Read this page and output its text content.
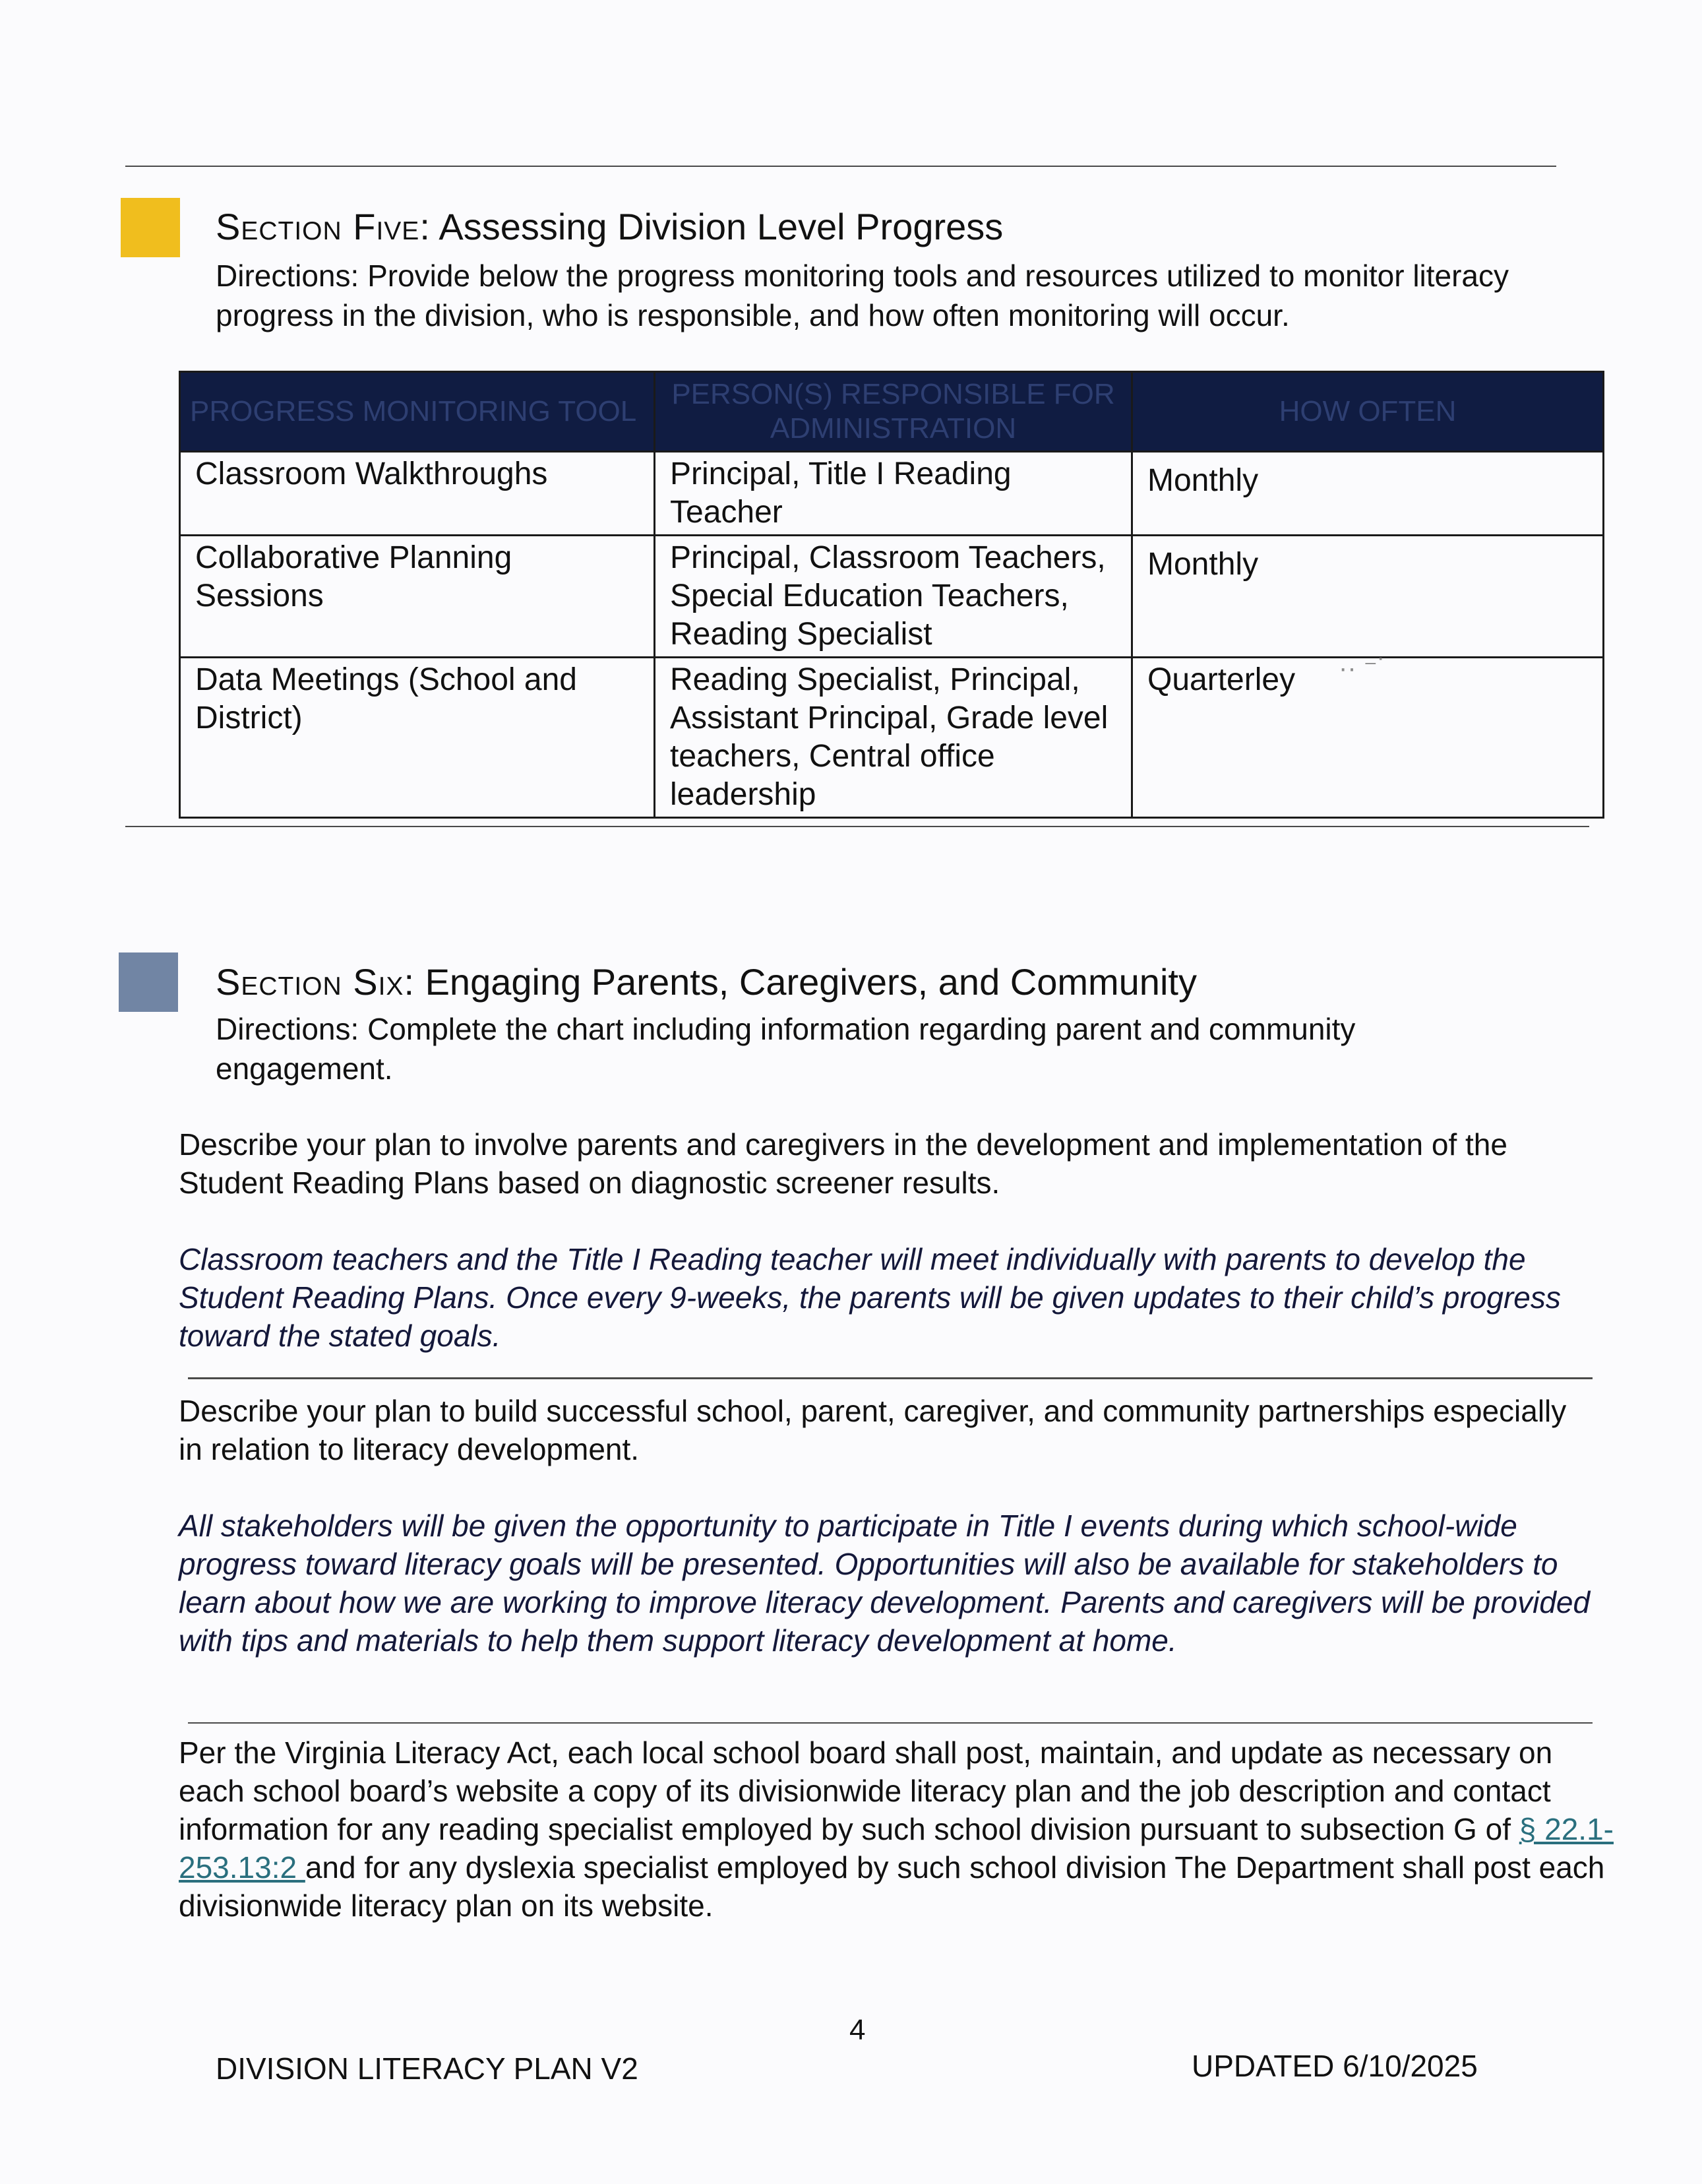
Section Five: Assessing Division Level Progress
Directions: Provide below the progress monitoring tools and resources utilized to monitor literacy progress in the division, who is responsible, and how often monitoring will occur.
PROGRESS MONITORING TOOL	PERSON(S) RESPONSIBLE FOR ADMINISTRATION	HOW OFTEN
Classroom Walkthroughs	Principal, Title I Reading Teacher	Monthly
Collaborative Planning Sessions	Principal, Classroom Teachers, Special Education Teachers, Reading Specialist	Monthly
Data Meetings (School and District)	Reading Specialist, Principal, Assistant Principal, Grade level teachers, Central office leadership	Quarterley ·· ⁻˙
Section Six: Engaging Parents, Caregivers, and Community
Directions: Complete the chart including information regarding parent and community engagement.
Describe your plan to involve parents and caregivers in the development and implementation of the Student Reading Plans based on diagnostic screener results.
Classroom teachers and the Title I Reading teacher will meet individually with parents to develop the Student Reading Plans. Once every 9-weeks, the parents will be given updates to their child’s progress toward the stated goals.
Describe your plan to build successful school, parent, caregiver, and community partnerships especially in relation to literacy development.
All stakeholders will be given the opportunity to participate in Title I events during which school-wide progress toward literacy goals will be presented. Opportunities will also be available for stakeholders to learn about how we are working to improve literacy development. Parents and caregivers will be provided with tips and materials to help them support literacy development at home.
Per the Virginia Literacy Act, each local school board shall post, maintain, and update as necessary on each school board’s website a copy of its divisionwide literacy plan and the job description and contact information for any reading specialist employed by such school division pursuant to subsection G of § 22.1-253.13:2 and for any dyslexia specialist employed by such school division The Department shall post each divisionwide literacy plan on its website.
4
DIVISION LITERACY PLAN V2	UPDATED 6/10/2025
